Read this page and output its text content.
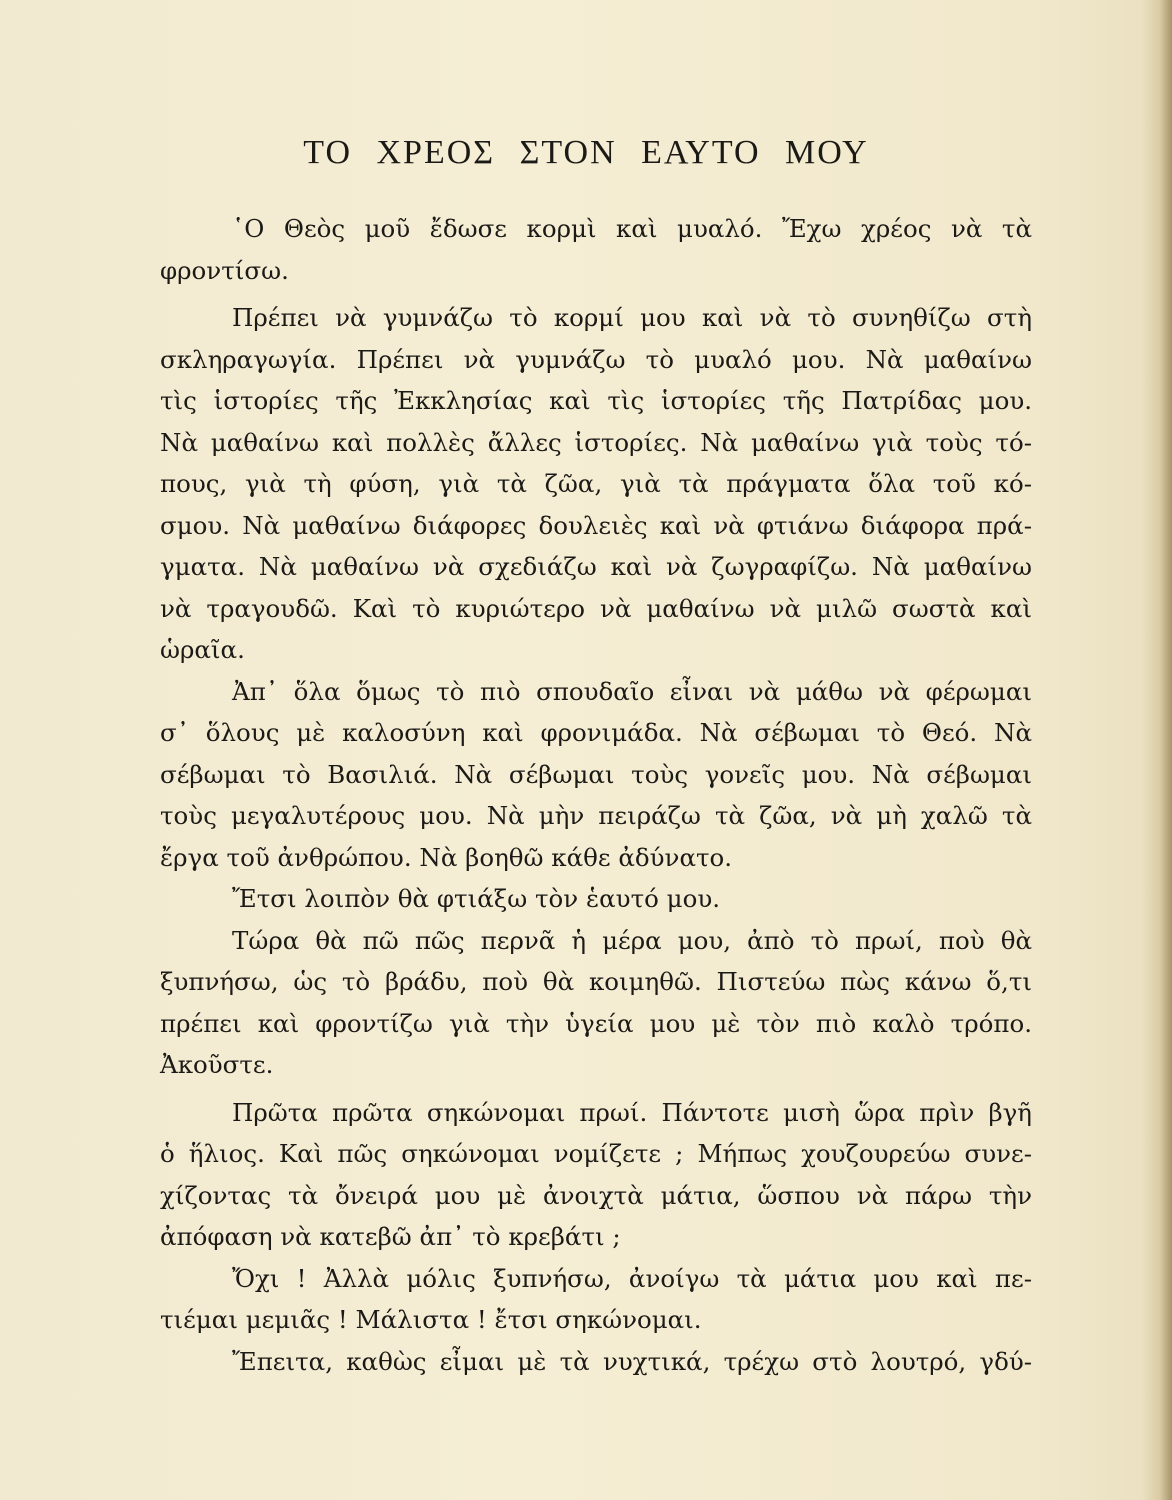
ΤΟ ΧΡΕΟΣ ΣΤΟΝ ΕΑΥΤΟ ΜΟΥ
῾Ο Θεὸς μοῦ ἔδωσε κορμὶ καὶ μυαλό. Ἔχω χρέος νὰ τὰ
φροντίσω.
Πρέπει νὰ γυμνάζω τὸ κορμί μου καὶ νὰ τὸ συνηθίζω στὴ
σκληραγωγία. Πρέπει νὰ γυμνάζω τὸ μυαλό μου. Νὰ μαθαίνω
τὶς ἱστορίες τῆς Ἐκκλησίας καὶ τὶς ἱστορίες τῆς Πατρίδας μου.
Νὰ μαθαίνω καὶ πολλὲς ἄλλες ἱστορίες. Νὰ μαθαίνω γιὰ τοὺς τό-
πους, γιὰ τὴ φύση, γιὰ τὰ ζῶα, γιὰ τὰ πράγματα ὅλα τοῦ κό-
σμου. Νὰ μαθαίνω διάφορες δουλειὲς καὶ νὰ φτιάνω διάφορα πρά-
γματα. Νὰ μαθαίνω νὰ σχεδιάζω καὶ νὰ ζωγραφίζω. Νὰ μαθαίνω
νὰ τραγουδῶ. Καὶ τὸ κυριώτερο νὰ μαθαίνω νὰ μιλῶ σωστὰ καὶ
ὡραῖα.
Ἀπ᾽ ὅλα ὅμως τὸ πιὸ σπουδαῖο εἶναι νὰ μάθω νὰ φέρωμαι
σ᾽ ὅλους μὲ καλοσύνη καὶ φρονιμάδα. Νὰ σέβωμαι τὸ Θεό. Νὰ
σέβωμαι τὸ Βασιλιά. Νὰ σέβωμαι τοὺς γονεῖς μου. Νὰ σέβωμαι
τοὺς μεγαλυτέρους μου. Νὰ μὴν πειράζω τὰ ζῶα, νὰ μὴ χαλῶ τὰ
ἔργα τοῦ ἀνθρώπου. Νὰ βοηθῶ κάθε ἀδύνατο.
Ἔτσι λοιπὸν θὰ φτιάξω τὸν ἑαυτό μου.
Τώρα θὰ πῶ πῶς περνᾶ ἡ μέρα μου, ἀπὸ τὸ πρωί, ποὺ θὰ
ξυπνήσω, ὡς τὸ βράδυ, ποὺ θὰ κοιμηθῶ. Πιστεύω πὼς κάνω ὅ,τι
πρέπει καὶ φροντίζω γιὰ τὴν ὑγεία μου μὲ τὸν πιὸ καλὸ τρόπο.
Ἀκοῦστε.
Πρῶτα πρῶτα σηκώνομαι πρωί. Πάντοτε μισὴ ὥρα πρὶν βγῆ
ὁ ἥλιος. Καὶ πῶς σηκώνομαι νομίζετε ; Μήπως χουζουρεύω συνε-
χίζοντας τὰ ὄνειρά μου μὲ ἀνοιχτὰ μάτια, ὥσπου νὰ πάρω τὴν
ἀπόφαση νὰ κατεβῶ ἀπ᾽ τὸ κρεβάτι ;
Ὄχι ! Ἀλλὰ μόλις ξυπνήσω, ἀνοίγω τὰ μάτια μου καὶ πε-
τιέμαι μεμιᾶς ! Μάλιστα ! ἔτσι σηκώνομαι.
Ἔπειτα, καθὼς εἶμαι μὲ τὰ νυχτικά, τρέχω στὸ λουτρό, γδύ-
